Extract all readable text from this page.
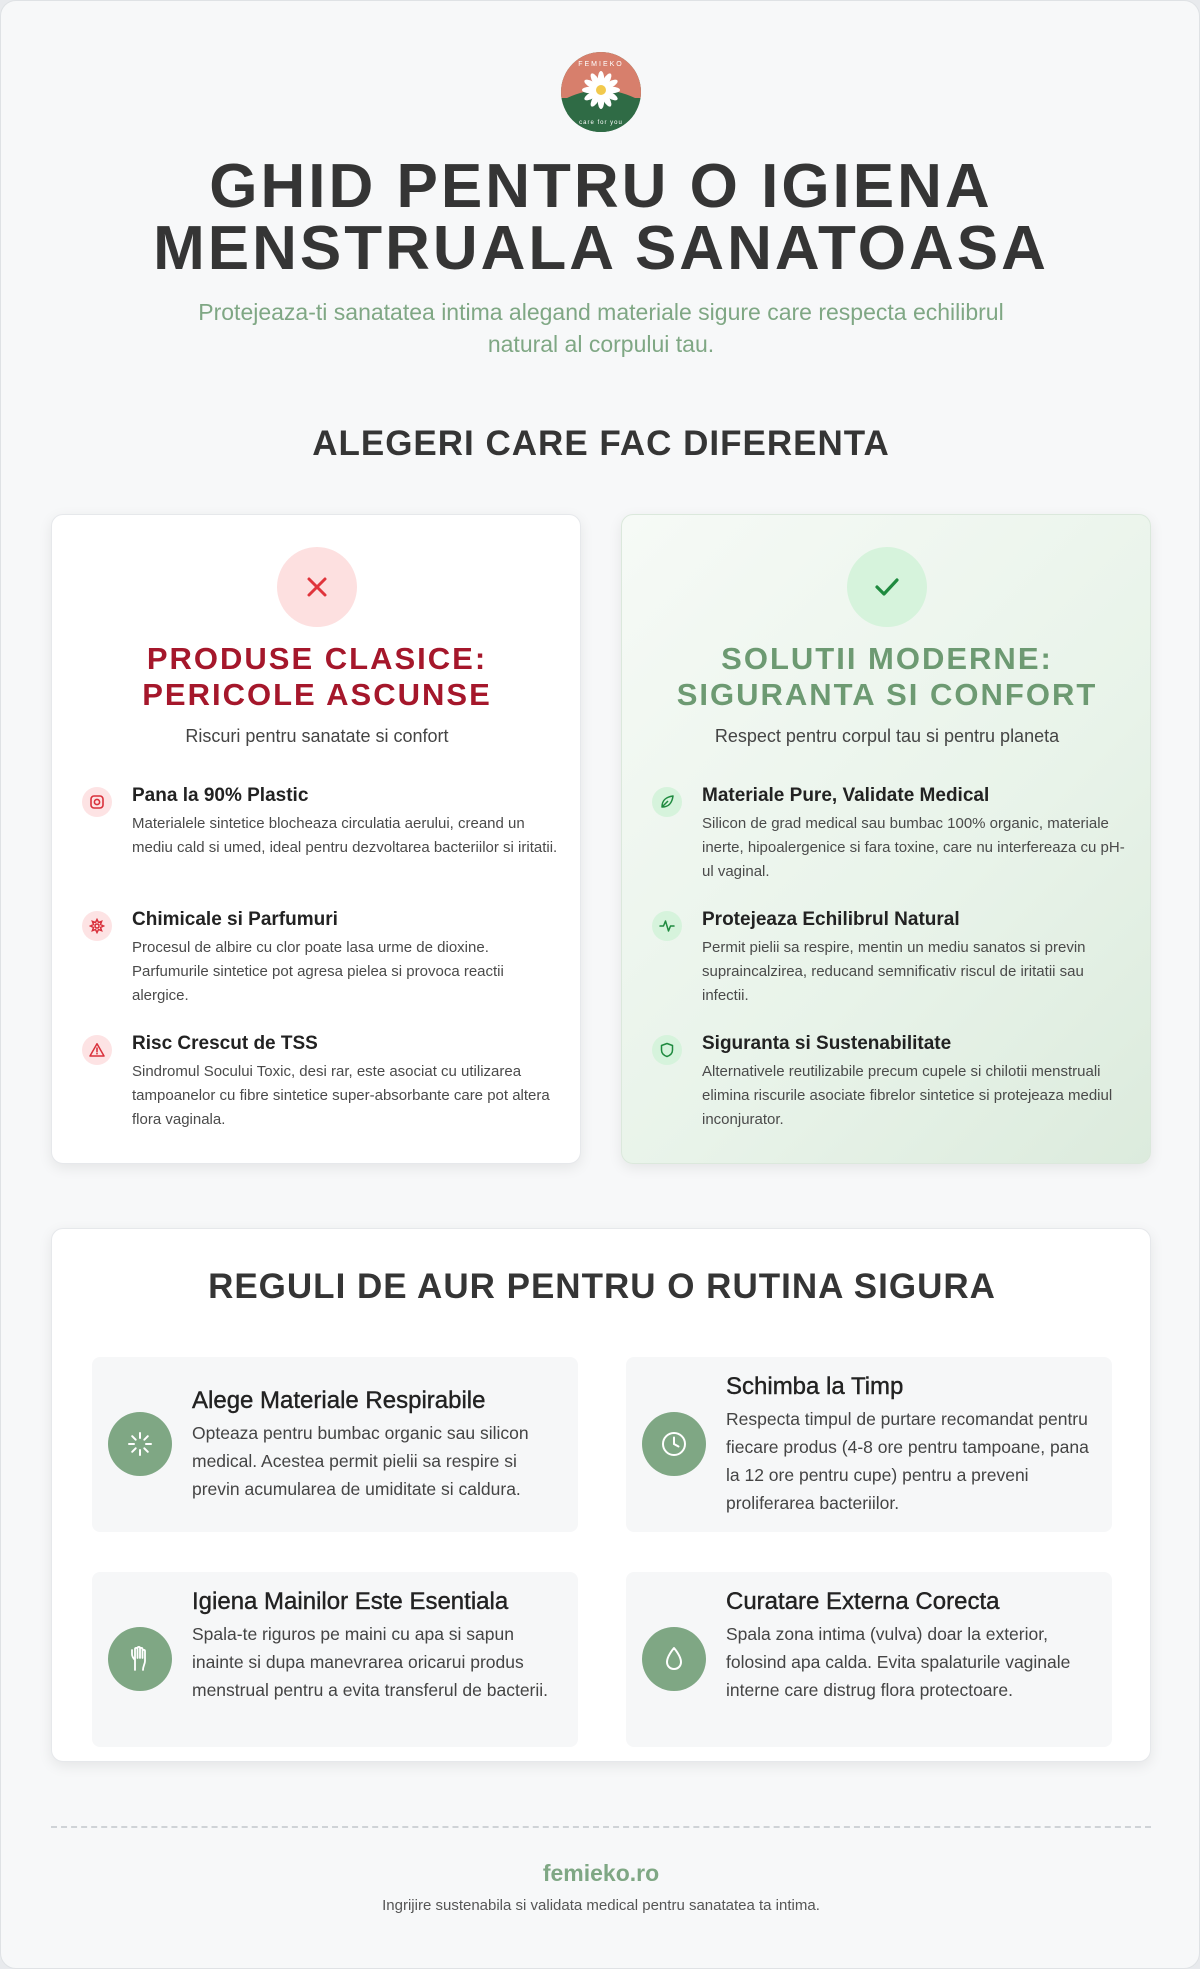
FEMIEKO
care for you
GHID PENTRU O IGIENA MENSTRUALA SANATOASA

Protejeaza-ti sanatatea intima alegand materiale sigure care respecta echilibrul natural al corpului tau.

ALEGERI CARE FAC DIFERENTA
PRODUSE CLASICE: PERICOLE ASCUNSE
Riscuri pentru sanatate si confort
Pana la 90% Plastic
Materialele sintetice blocheaza circulatia aerului, creand un mediu cald si umed, ideal pentru dezvoltarea bacteriilor si iritatii.
Chimicale si Parfumuri
Procesul de albire cu clor poate lasa urme de dioxine. Parfumurile sintetice pot agresa pielea si provoca reactii alergice.
Risc Crescut de TSS
Sindromul Socului Toxic, desi rar, este asociat cu utilizarea tampoanelor cu fibre sintetice super-absorbante care pot altera flora vaginala.
SOLUTII MODERNE: SIGURANTA SI CONFORT
Respect pentru corpul tau si pentru planeta
Materiale Pure, Validate Medical
Silicon de grad medical sau bumbac 100% organic, materiale inerte, hipoalergenice si fara toxine, care nu interfereaza cu pH-ul vaginal.
Protejeaza Echilibrul Natural
Permit pielii sa respire, mentin un mediu sanatos si previn supraincalzirea, reducand semnificativ riscul de iritatii sau infectii.
Siguranta si Sustenabilitate
Alternativele reutilizabile precum cupele si chilotii menstruali elimina riscurile asociate fibrelor sintetice si protejeaza mediul inconjurator.
REGULI DE AUR PENTRU O RUTINA SIGURA
Alege Materiale Respirabile
Opteaza pentru bumbac organic sau silicon medical. Acestea permit pielii sa respire si previn acumularea de umiditate si caldura.
Schimba la Timp
Respecta timpul de purtare recomandat pentru fiecare produs (4-8 ore pentru tampoane, pana la 12 ore pentru cupe) pentru a preveni proliferarea bacteriilor.
Igiena Mainilor Este Esentiala
Spala-te riguros pe maini cu apa si sapun inainte si dupa manevrarea oricarui produs menstrual pentru a evita transferul de bacterii.
Curatare Externa Corecta
Spala zona intima (vulva) doar la exterior, folosind apa calda. Evita spalaturile vaginale interne care distrug flora protectoare.
femieko.ro
Ingrijire sustenabila si validata medical pentru sanatatea ta intima.
